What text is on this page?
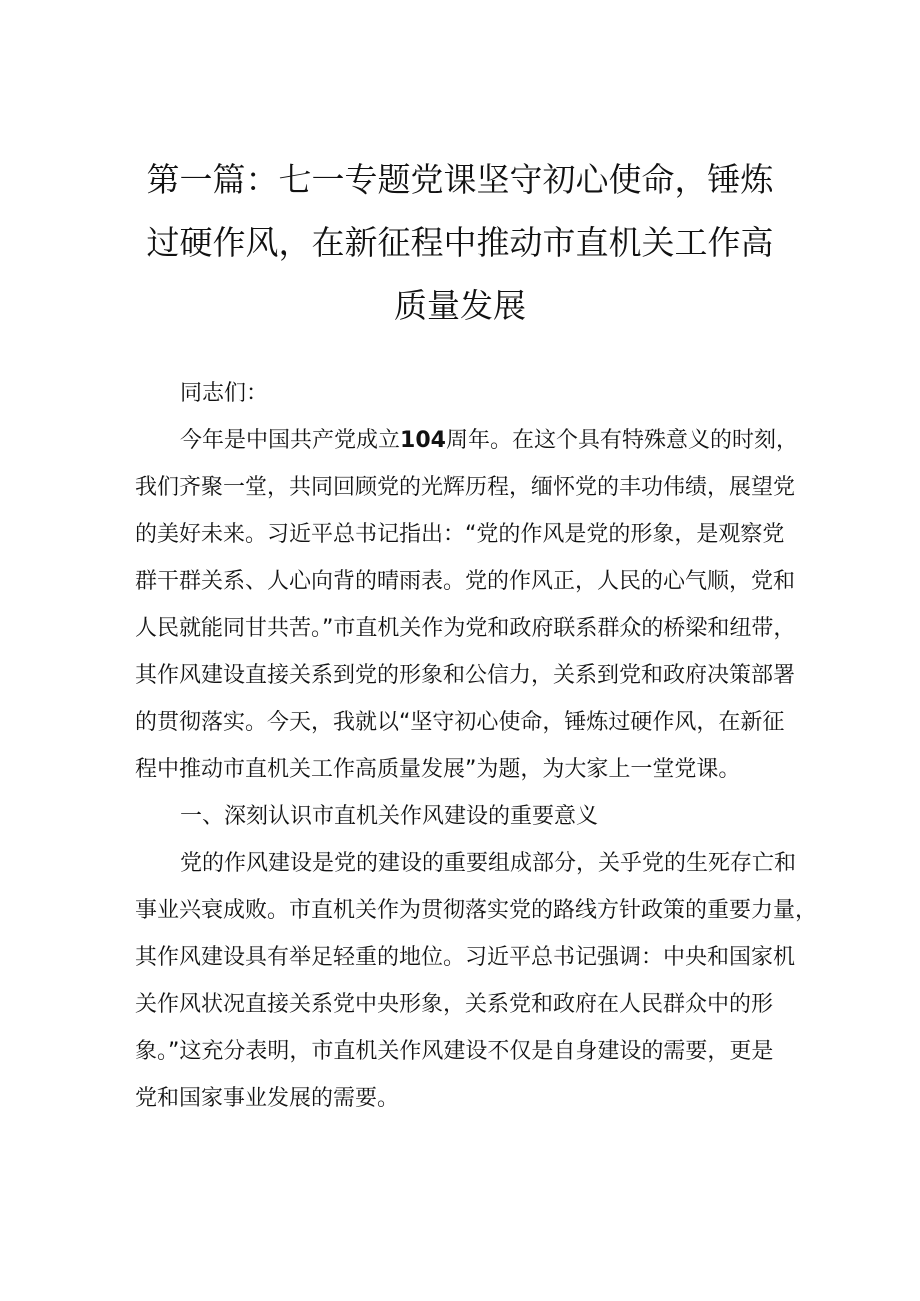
第一篇：七一专题党课坚守初心使命，锤炼
过硬作风，在新征程中推动市直机关工作高
质量发展

同志们：

今年是中国共产党成立104周年。在这个具有特殊意义的时刻，

我们齐聚一堂，共同回顾党的光辉历程，缅怀党的丰功伟绩，展望党
的美好未来。习近平总书记指出：“党的作风是党的形象，是观察党
群干群关系、人心向背的晴雨表。党的作风正，人民的心气顺，党和
人民就能同甘共苦。”市直机关作为党和政府联系群众的桥梁和纽带，
其作风建设直接关系到党的形象和公信力，关系到党和政府决策部署
的贯彻落实。今天，我就以“坚守初心使命，锤炼过硬作风，在新征
程中推动市直机关工作高质量发展”为题，为大家上一堂党课。

一、深刻认识市直机关作风建设的重要意义

党的作风建设是党的建设的重要组成部分，关乎党的生死存亡和

事业兴衰成败。市直机关作为贯彻落实党的路线方针政策的重要力量，
其作风建设具有举足轻重的地位。习近平总书记强调：中央和国家机
关作风状况直接关系党中央形象，关系党和政府在人民群众中的形
象。”这充分表明，市直机关作风建设不仅是自身建设的需要，更是
党和国家事业发展的需要。
